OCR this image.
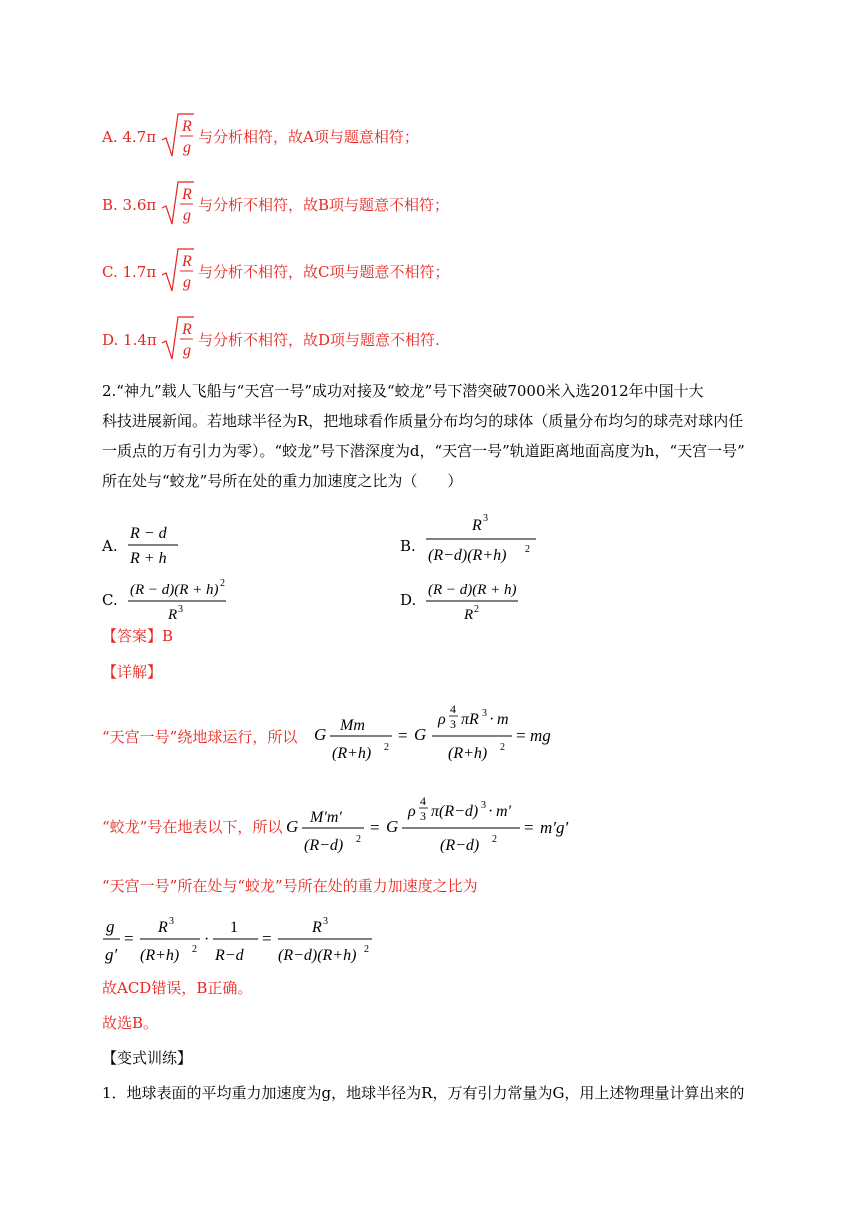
A. 4.7π
R
g
与分析相符，故A项与题意相符；
B. 3.6π
R
g
与分析不相符，故B项与题意不相符；
C. 1.7π
R
g
与分析不相符，故C项与题意不相符；
D. 1.4π
R
g
与分析不相符，故D项与题意不相符.
2.“神九”载人飞船与“天宫一号”成功对接及“蛟龙”号下潜突破7000米入选2012年中国十大
科技进展新闻。若地球半径为R，把地球看作质量分布均匀的球体（质量分布均匀的球壳对球内任
一质点的万有引力为零）。“蛟龙”号下潜深度为d，“天宫一号”轨道距离地面高度为h，“天宫一号”
所在处与“蛟龙”号所在处的重力加速度之比为（　　）
A.
R − d
R + h
B.
R 3
(R−d)(R+h) 2
C.
(R − d)(R + h) 2
R 3
D.
(R − d)(R + h)
R 2
【答案】B
【详解】
“天宫一号”绕地球运行，所以 G Mm
(R+h) 2
= G
ρ
4
3 πR 3 · m
(R+h) 2
= mg
“蛟龙”号在地表以下，所以 G M′m′
(R−d) 2
= G
ρ
4
3 π(R−d) 3 · m′
(R−d) 2
= m′g′
“天宫一号”所在处与“蛟龙”号所在处的重力加速度之比为
g
g′
=
R 3
(R+h) 2
·
1
R−d
=
R 3
(R−d)(R+h) 2
故ACD错误，B正确。
故选B。
【变式训练】
1．地球表面的平均重力加速度为g，地球半径为R，万有引力常量为G，用上述物理量计算出来的
